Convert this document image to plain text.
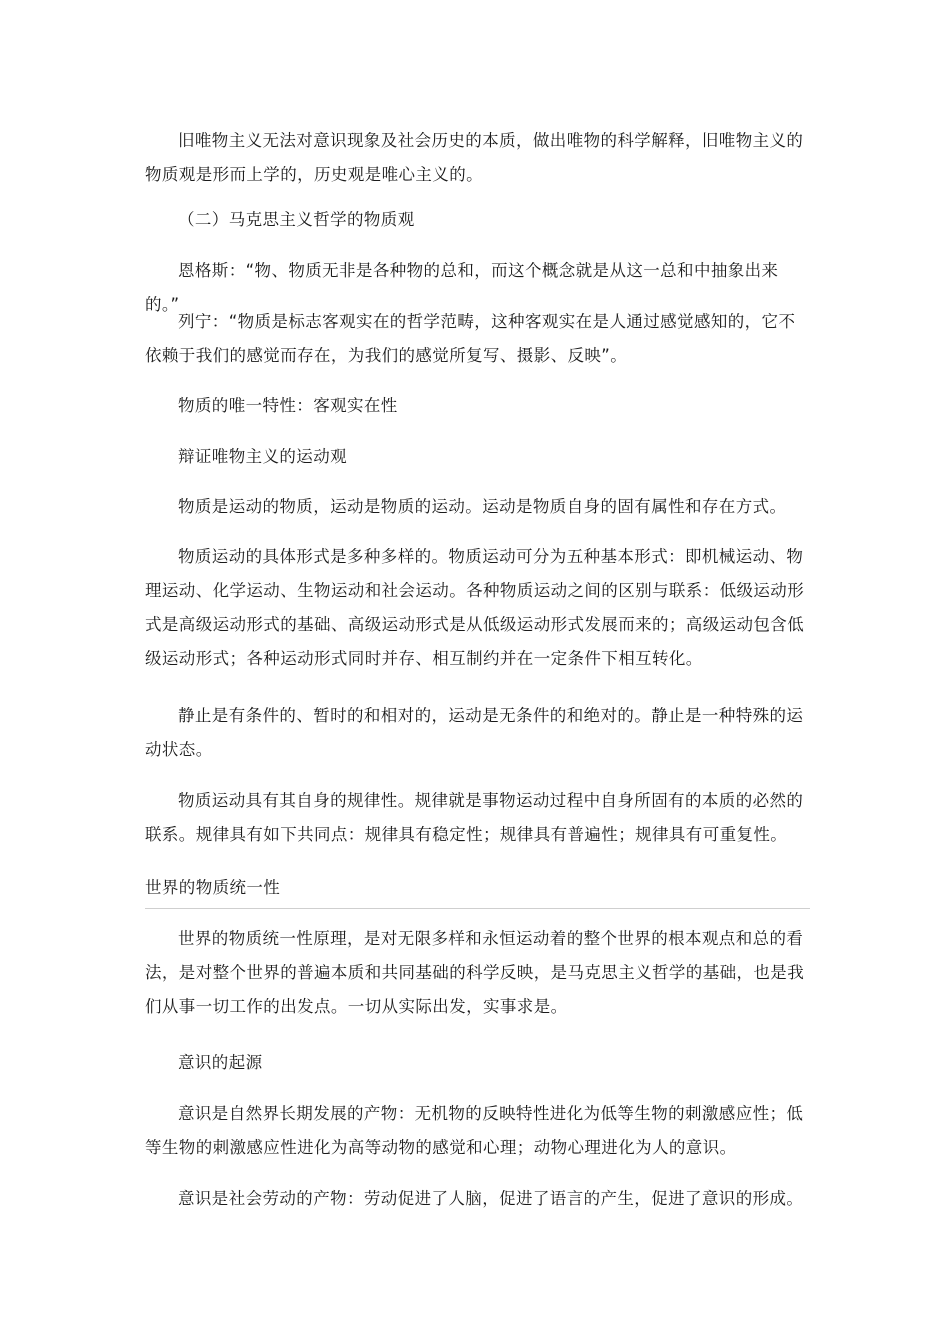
旧唯物主义无法对意识现象及社会历史的本质，做出唯物的科学解释，旧唯物主义的物质观是形而上学的，历史观是唯心主义的。

（二）马克思主义哲学的物质观

恩格斯：“物、物质无非是各种物的总和，而这个概念就是从这一总和中抽象出来的。”

列宁：“物质是标志客观实在的哲学范畴，这种客观实在是人通过感觉感知的，它不依赖于我们的感觉而存在，为我们的感觉所复写、摄影、反映”。

物质的唯一特性：客观实在性

辩证唯物主义的运动观

物质是运动的物质，运动是物质的运动。运动是物质自身的固有属性和存在方式。

物质运动的具体形式是多种多样的。物质运动可分为五种基本形式：即机械运动、物理运动、化学运动、生物运动和社会运动。各种物质运动之间的区别与联系：低级运动形式是高级运动形式的基础、高级运动形式是从低级运动形式发展而来的；高级运动包含低级运动形式；各种运动形式同时并存、相互制约并在一定条件下相互转化。

静止是有条件的、暂时的和相对的，运动是无条件的和绝对的。静止是一种特殊的运动状态。

物质运动具有其自身的规律性。规律就是事物运动过程中自身所固有的本质的必然的联系。规律具有如下共同点：规律具有稳定性；规律具有普遍性；规律具有可重复性。

世界的物质统一性

世界的物质统一性原理，是对无限多样和永恒运动着的整个世界的根本观点和总的看法，是对整个世界的普遍本质和共同基础的科学反映，是马克思主义哲学的基础，也是我们从事一切工作的出发点。一切从实际出发，实事求是。

意识的起源

意识是自然界长期发展的产物：无机物的反映特性进化为低等生物的刺激感应性；低等生物的刺激感应性进化为高等动物的感觉和心理；动物心理进化为人的意识。

意识是社会劳动的产物：劳动促进了人脑，促进了语言的产生，促进了意识的形成。
